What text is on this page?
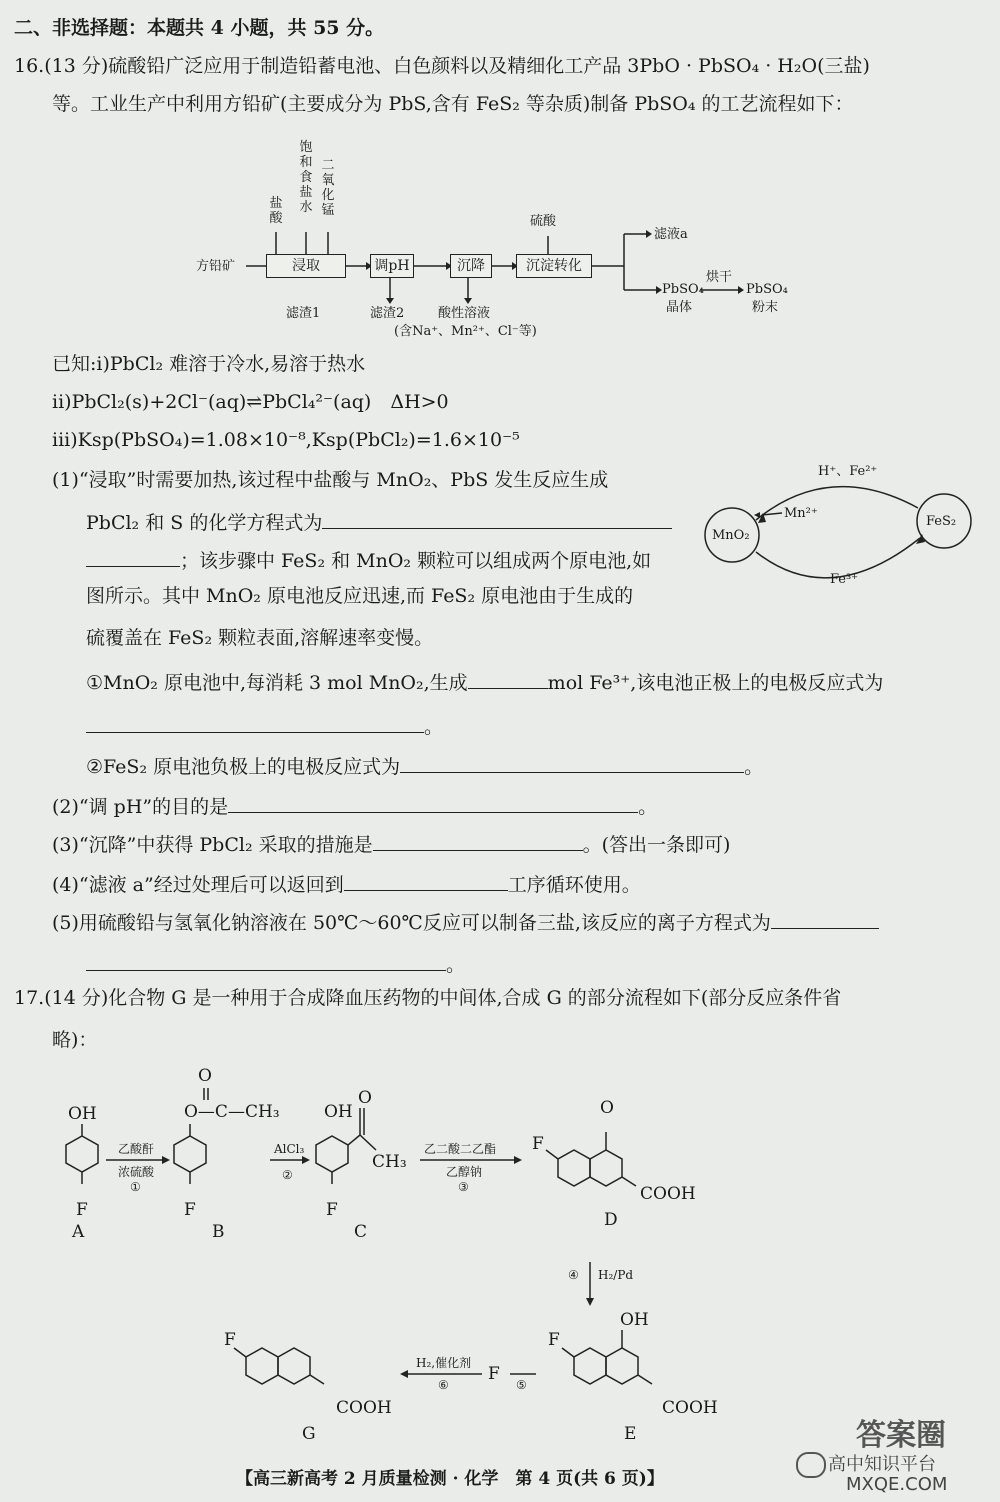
二、非选择题：本题共 4 小题，共 55 分。
16.(13 分)硫酸铅广泛应用于制造铅蓄电池、白色颜料以及精细化工产品 3PbO · PbSO₄ · H₂O(三盐)
等。工业生产中利用方铅矿(主要成分为 PbS,含有 FeS₂ 等杂质)制备 PbSO₄ 的工艺流程如下：
方铅矿
盐酸
饱和食盐水
二氧化锰
浸取	调pH	沉降	沉淀转化
硫酸
滤渣1	滤渣2	酸性溶液
(含Na⁺、Mn²⁺、Cl⁻等)
滤液a
PbSO₄
晶体
烘干
PbSO₄
粉末
已知:i)PbCl₂ 难溶于冷水,易溶于热水
ii)PbCl₂(s)+2Cl⁻(aq)⇌PbCl₄²⁻(aq)　ΔH>0
iii)Ksp(PbSO₄)=1.08×10⁻⁸,Ksp(PbCl₂)=1.6×10⁻⁵
(1)“浸取”时需要加热,该过程中盐酸与 MnO₂、PbS 发生反应生成
PbCl₂ 和 S 的化学方程式为
；该步骤中 FeS₂ 和 MnO₂ 颗粒可以组成两个原电池,如
图所示。其中 MnO₂ 原电池反应迅速,而 FeS₂ 原电池由于生成的
硫覆盖在 FeS₂ 颗粒表面,溶解速率变慢。
①MnO₂ 原电池中,每消耗 3 mol MnO₂,生成	mol Fe³⁺,该电池正极上的电极反应式为
。
②FeS₂ 原电池负极上的电极反应式为	。
(2)“调 pH”的目的是	。
(3)“沉降”中获得 PbCl₂ 采取的措施是	。(答出一条即可)
(4)“滤液 a”经过处理后可以返回到	工序循环使用。
(5)用硫酸铅与氢氧化钠溶液在 50℃～60℃反应可以制备三盐,该反应的离子方程式为
。
MnO₂
FeS₂
H⁺、Fe²⁺
Mn²⁺
Fe³⁺
17.(14 分)化合物 G 是一种用于合成降血压药物的中间体,合成 G 的部分流程如下(部分反应条件省
略)：
OH
F
A
O
O—C—CH₃
F
B
OH
O
CH₃
F
C
O
F
COOH
D
OH
F
COOH
E
F
COOH
G
乙酸酐
浓硫酸
①
AlCl₃
②
乙二酸二乙酯
乙醇钠
③
④ H₂/Pd
⑤
F
H₂,催化剂
⑥
【高三新高考 2 月质量检测 · 化学　第 4 页(共 6 页)】
答案圈
高中知识平台
MXQE.COM
